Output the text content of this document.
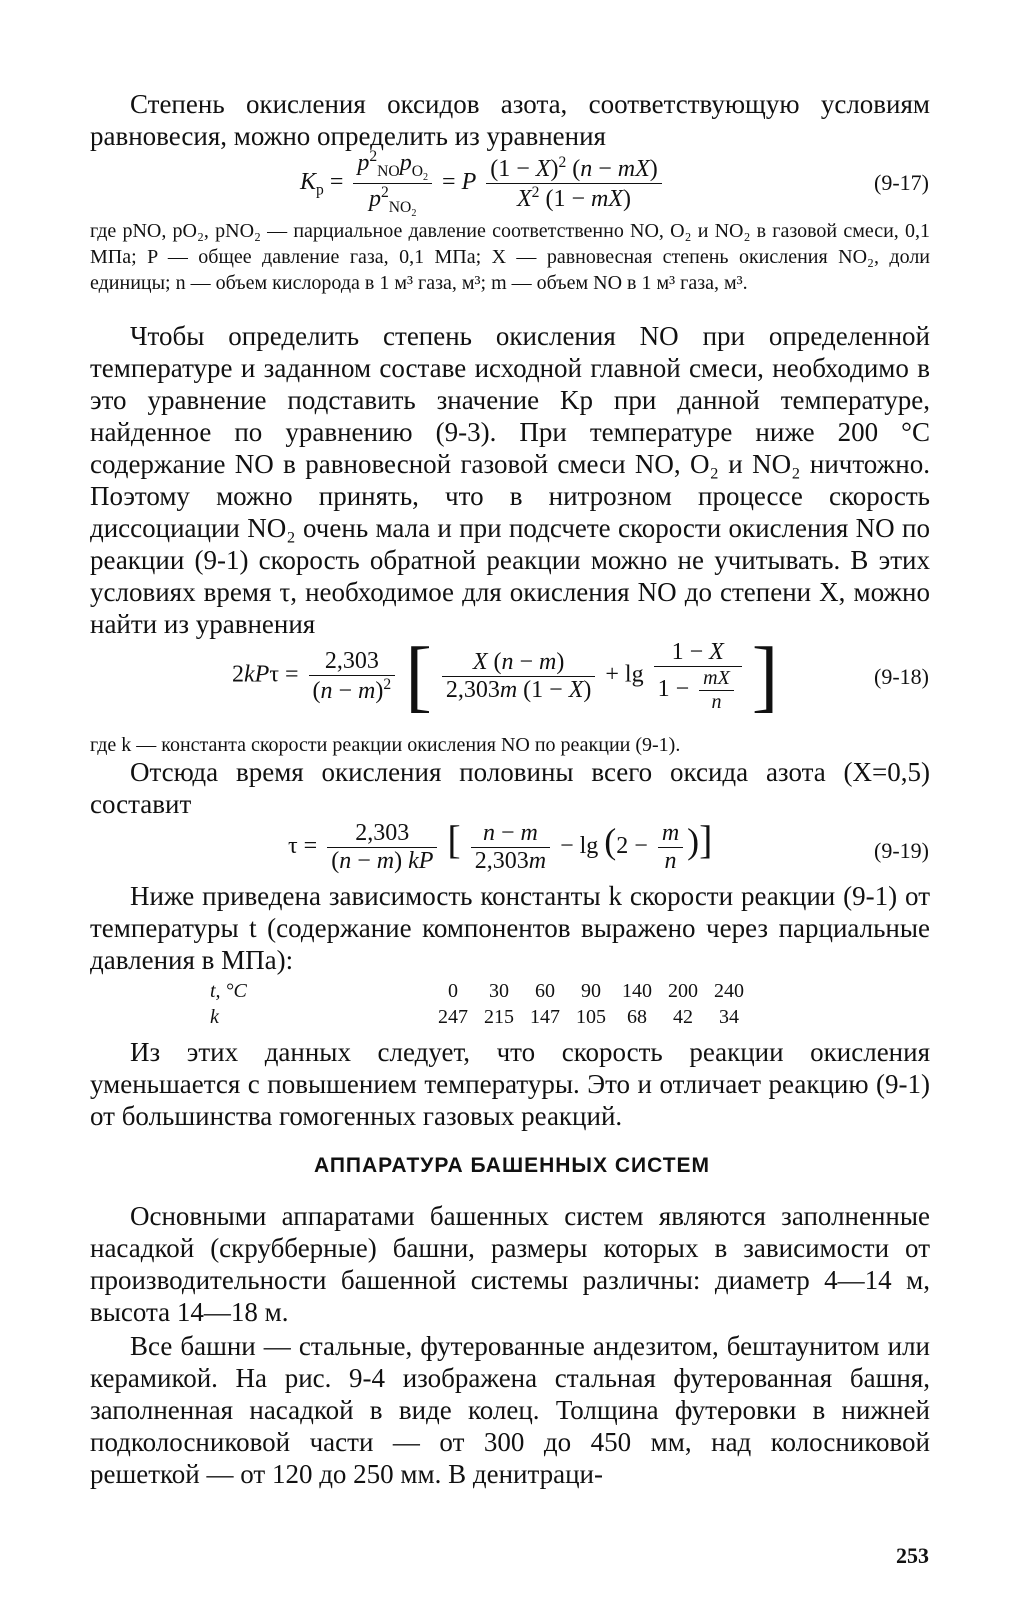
Степень окисления оксидов азота, соответствующую условиям равновесия, можно определить из уравнения
$K_p = \frac{p^2_{NO}p_{O_2}}{p^2_{NO_2}} = P \frac{(1 - X)^2 (n - mX)}{X^2 (1 - mX)}$	(9-17)
где pNO, pO₂, pNO₂ — парциальное давление соответственно NO, O₂ и NO₂ в газовой смеси, 0,1 МПа; P — общее давление газа, 0,1 МПа; X — равновесная степень окисления NO₂, доли единицы; n — объем кислорода в 1 м³ газа, м³; m — объем NO в 1 м³ газа, м³.
Чтобы определить степень окисления NO при определенной температуре и заданном составе исходной главной смеси, необходимо в это уравнение подставить значение Kp при данной температуре, найденное по уравнению (9-3). При температуре ниже 200 °C содержание NO в равновесной газовой смеси NO, O₂ и NO₂ ничтожно. Поэтому можно принять, что в нитрозном процессе скорость диссоциации NO₂ очень мала и при подсчете скорости окисления NO по реакции (9-1) скорость обратной реакции можно не учитывать. В этих условиях время τ, необходимое для окисления NO до степени X, можно найти из уравнения
$2kP\tau = \frac{2,303}{(n - m)^2}$ [ $\frac{X (n - m)}{2,303m (1 - X)} + \lg \frac{1 - X}{1 - \frac{mX}{n}}$ ]	(9-18)
где k — константа скорости реакции окисления NO по реакции (9-1).
Отсюда время окисления половины всего оксида азота (X=0,5) составит
$\tau = \frac{2,303}{(n - m) kP}$ [ $\frac{n - m}{2,303m} - \lg (2 - \frac{m}{n}$ )]	(9-19)
Ниже приведена зависимость константы k скорости реакции (9-1) от температуры t (содержание компонентов выражено через парциальные давления в МПа):
t, °C	0	30	60	90	140 200 240
k	247 215 147 105	68	42	34
Из этих данных следует, что скорость реакции окисления уменьшается с повышением температуры. Это и отличает реакцию (9-1) от большинства гомогенных газовых реакций.
АППАРАТУРА БАШЕННЫХ СИСТЕМ
Основными аппаратами башенных систем являются заполненные насадкой (скрубберные) башни, размеры которых в зависимости от производительности башенной системы различны: диаметр 4—14 м, высота 14—18 м.
Все башни — стальные, футерованные андезитом, бештаунитом или керамикой. На рис. 9-4 изображена стальная футерованная башня, заполненная насадкой в виде колец. Толщина футеровки в нижней подколосниковой части — от 300 до 450 мм, над колосниковой решеткой — от 120 до 250 мм. В денитраци-
253
